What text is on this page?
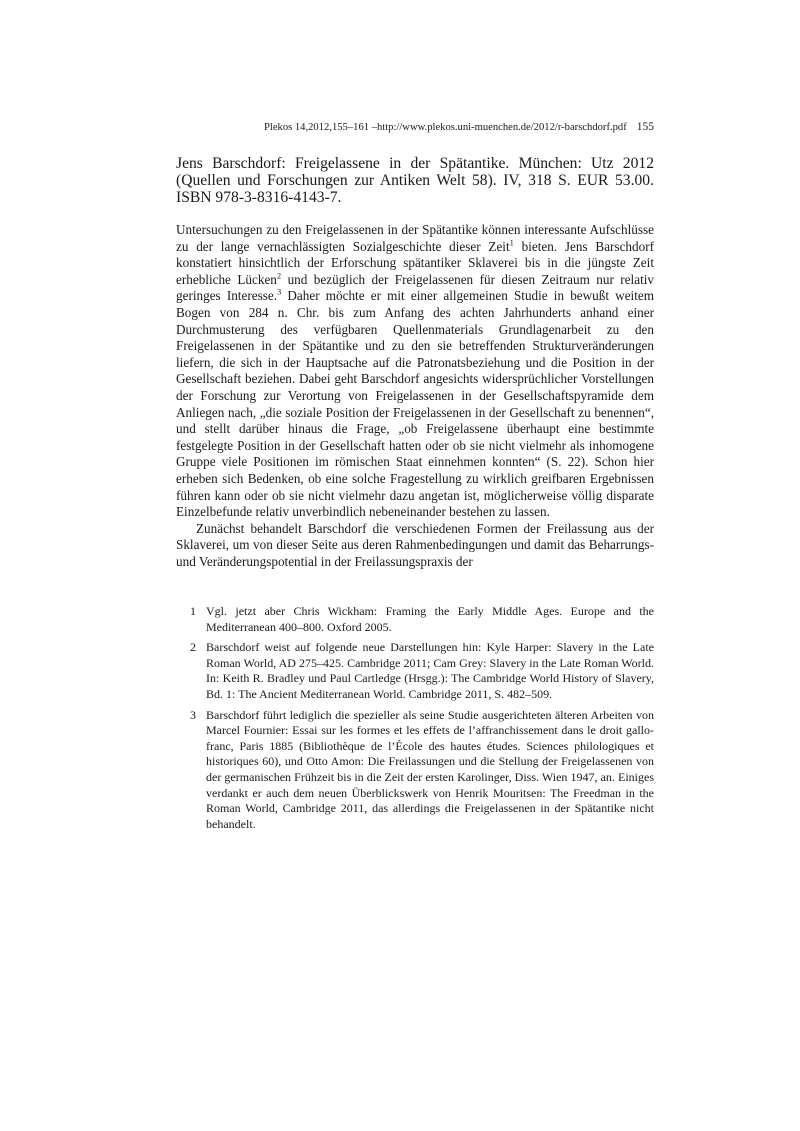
Plekos 14,2012,155–161 –http://www.plekos.uni-muenchen.de/2012/r-barschdorf.pdf 155
Jens Barschdorf: Freigelassene in der Spätantike. München: Utz 2012 (Quellen und Forschungen zur Antiken Welt 58). IV, 318 S. EUR 53.00. ISBN 978-3-8316-4143-7.

Untersuchungen zu den Freigelassenen in der Spätantike können interessante Aufschlüsse zu der lange vernachlässigten Sozialgeschichte dieser Zeit$^1$ bieten. Jens Barschdorf konstatiert hinsichtlich der Erforschung spätantiker Sklaverei bis in die jüngste Zeit erhebliche Lücken$^2$ und bezüglich der Freigelassenen für diesen Zeitraum nur relativ geringes Interesse.$^3$ Daher möchte er mit einer allgemeinen Studie in bewußt weitem Bogen von 284 n. Chr. bis zum Anfang des achten Jahrhunderts anhand einer Durchmusterung des verfügbaren Quellenmaterials Grundlagenarbeit zu den Freigelassenen in der Spätantike und zu den sie betreffenden Strukturveränderungen liefern, die sich in der Hauptsache auf die Patronatsbeziehung und die Position in der Gesellschaft beziehen. Dabei geht Barschdorf angesichts widersprüchlicher Vorstellungen der Forschung zur Verortung von Freigelassenen in der Gesellschaftspyramide dem Anliegen nach, „die soziale Position der Freigelassenen in der Gesellschaft zu benennen“, und stellt darüber hinaus die Frage, „ob Freigelassene überhaupt eine bestimmte festgelegte Position in der Gesellschaft hatten oder ob sie nicht vielmehr als inhomogene Gruppe viele Positionen im römischen Staat einnehmen konnten“ (S. 22). Schon hier erheben sich Bedenken, ob eine solche Fragestellung zu wirklich greifbaren Ergebnissen führen kann oder ob sie nicht vielmehr dazu angetan ist, möglicherweise völlig disparate Einzelbefunde relativ unverbindlich nebeneinander bestehen zu lassen.

Zunächst behandelt Barschdorf die verschiedenen Formen der Freilassung aus der Sklaverei, um von dieser Seite aus deren Rahmenbedingungen und damit das Beharrungs- und Veränderungspotential in der Freilassungspraxis der

1 Vgl. jetzt aber Chris Wickham: Framing the Early Middle Ages. Europe and the Mediterranean 400–800. Oxford 2005.
2 Barschdorf weist auf folgende neue Darstellungen hin: Kyle Harper: Slavery in the Late Roman World, AD 275–425. Cambridge 2011; Cam Grey: Slavery in the Late Roman World. In: Keith R. Bradley und Paul Cartledge (Hrsgg.): The Cambridge World History of Slavery, Bd. 1: The Ancient Mediterranean World. Cambridge 2011, S. 482–509.
3 Barschdorf führt lediglich die spezieller als seine Studie ausgerichteten älteren Arbeiten von Marcel Fournier: Essai sur les formes et les effets de l’affranchissement dans le droit gallo-franc, Paris 1885 (Bibliothèque de l’École des hautes études. Sciences philologiques et historiques 60), und Otto Amon: Die Freilassungen und die Stellung der Freigelassenen von der germanischen Frühzeit bis in die Zeit der ersten Karolinger, Diss. Wien 1947, an. Einiges verdankt er auch dem neuen Überblickswerk von Henrik Mouritsen: The Freedman in the Roman World, Cambridge 2011, das allerdings die Freigelassenen in der Spätantike nicht behandelt.
